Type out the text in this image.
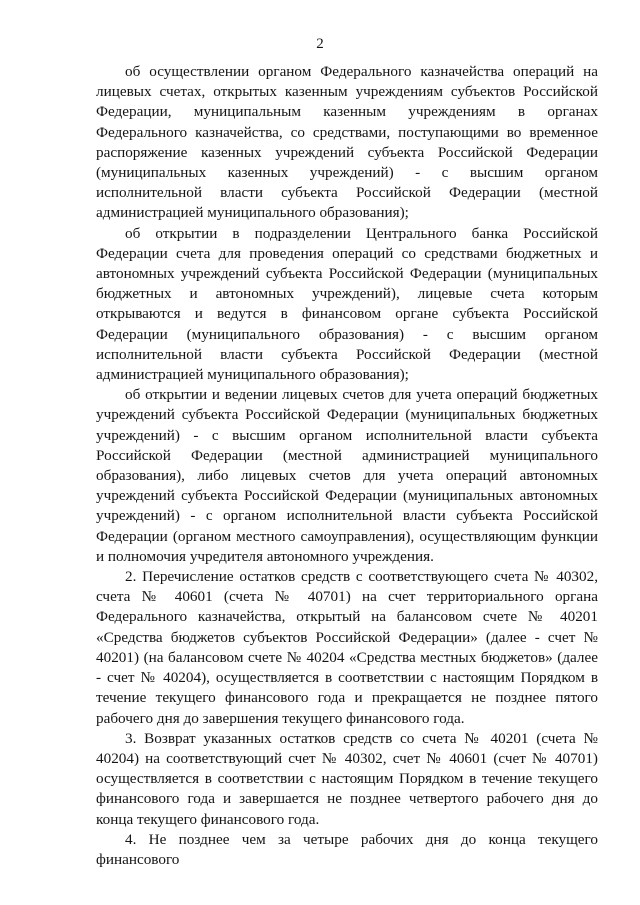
2

об осуществлении органом Федерального казначейства операций на лицевых счетах, открытых казенным учреждениям субъектов Российской Федерации, муниципальным казенным учреждениям в органах Федерального казначейства, со средствами, поступающими во временное распоряжение казенных учреждений субъекта Российской Федерации (муниципальных казенных учреждений) - с высшим органом исполнительной власти субъекта Российской Федерации (местной администрацией муниципального образования);

об открытии в подразделении Центрального банка Российской Федерации счета для проведения операций со средствами бюджетных и автономных учреждений субъекта Российской Федерации (муниципальных бюджетных и автономных учреждений), лицевые счета которым открываются и ведутся в финансовом органе субъекта Российской Федерации (муниципального образования) - с высшим органом исполнительной власти субъекта Российской Федерации (местной администрацией муниципального образования);

об открытии и ведении лицевых счетов для учета операций бюджетных учреждений субъекта Российской Федерации (муниципальных бюджетных учреждений) - с высшим органом исполнительной власти субъекта Российской Федерации (местной администрацией муниципального образования), либо лицевых счетов для учета операций автономных учреждений субъекта Российской Федерации (муниципальных автономных учреждений) - с органом исполнительной власти субъекта Российской Федерации (органом местного самоуправления), осуществляющим функции и полномочия учредителя автономного учреждения.

2. Перечисление остатков средств с соответствующего счета № 40302, счета № 40601 (счета № 40701) на счет территориального органа Федерального казначейства, открытый на балансовом счете № 40201 «Средства бюджетов субъектов Российской Федерации» (далее - счет № 40201) (на балансовом счете № 40204 «Средства местных бюджетов» (далее - счет № 40204), осуществляется в соответствии с настоящим Порядком в течение текущего финансового года и прекращается не позднее пятого рабочего дня до завершения текущего финансового года.

3. Возврат указанных остатков средств со счета № 40201 (счета № 40204) на соответствующий счет № 40302, счет № 40601 (счет № 40701) осуществляется в соответствии с настоящим Порядком в течение текущего финансового года и завершается не позднее четвертого рабочего дня до конца текущего финансового года.

4. Не позднее чем за четыре рабочих дня до конца текущего финансового
